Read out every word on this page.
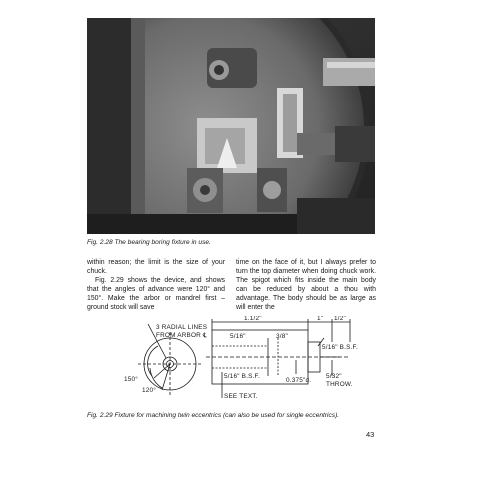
Fig. 2.28 The bearing boring fixture in use.

within reason; the limit is the size of your chuck.

Fig. 2.29 shows the device, and shows that the angles of advance were 120° and 150°. Make the arbor or mandrel first – ground stock will save

time on the face of it, but I always prefer to turn the top diameter when doing chuck work. The spigot which fits inside the main body can be reduced by about a thou with advantage. The body should be as large as will enter the

3 RADIAL LINES
FROM ARBOR ℄
150°
120°
1.1/2"	1" 1/2"
5/16"	3/8"
5/16" B.S.F.
5/16" B.S.F.
0.375"d.
5/32"
THROW.
SEE TEXT.
Fig. 2.29 Fixture for machining twin eccentrics (can also be used for single eccentrics).
43
